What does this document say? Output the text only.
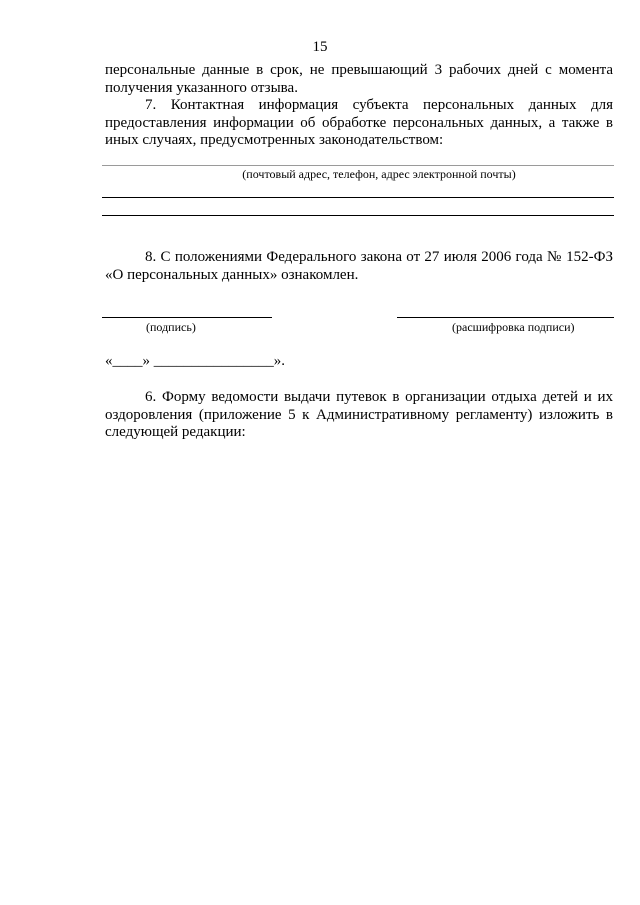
15
персональные данные в срок, не превышающий 3 рабочих дней с момента
получения указанного отзыва.
7. Контактная информация субъекта персональных данных для
предоставления информации об обработке персональных данных, а также в
иных случаях, предусмотренных законодательством:
(почтовый адрес, телефон, адрес электронной почты)
8. С положениями Федерального закона от 27 июля 2006 года № 152-ФЗ
«О персональных данных» ознакомлен.
(подпись)	(расшифровка подписи)
«____» ________________».
6. Форму ведомости выдачи путевок в организации отдыха детей и их
оздоровления (приложение 5 к Административному регламенту) изложить в
следующей редакции:
